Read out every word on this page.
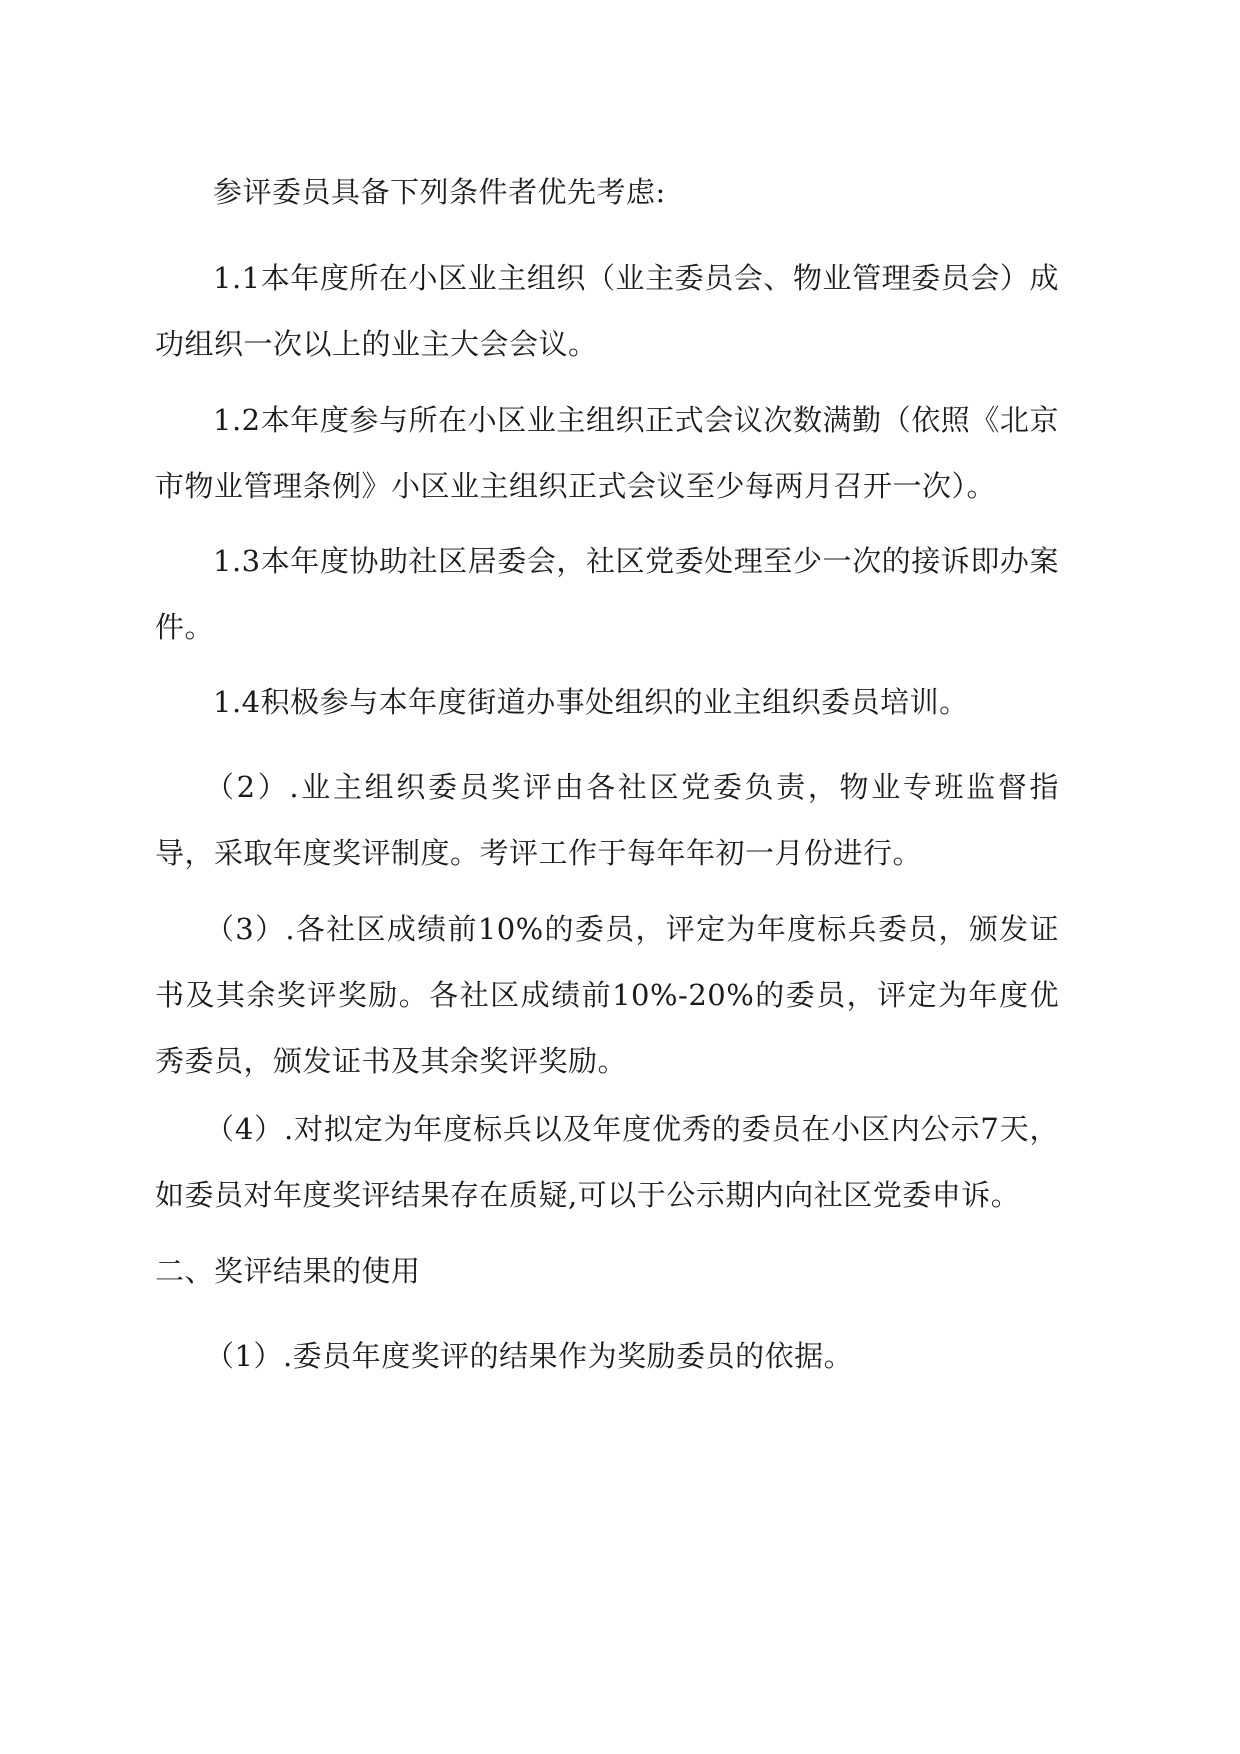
参评委员具备下列条件者优先考虑:

1.1本年度所在小区业主组织（业主委员会、物业管理委员会）成功组织一次以上的业主大会会议。

1.2本年度参与所在小区业主组织正式会议次数满勤（依照《北京市物业管理条例》小区业主组织正式会议至少每两月召开一次）。

1.3本年度协助社区居委会，社区党委处理至少一次的接诉即办案件。

1.4积极参与本年度街道办事处组织的业主组织委员培训。

（2）.业主组织委员奖评由各社区党委负责，物业专班监督指导，采取年度奖评制度。考评工作于每年年初一月份进行。

（3）.各社区成绩前10%的委员，评定为年度标兵委员，颁发证书及其余奖评奖励。各社区成绩前10%-20%的委员，评定为年度优秀委员，颁发证书及其余奖评奖励。

（4）.对拟定为年度标兵以及年度优秀的委员在小区内公示7天，如委员对年度奖评结果存在质疑,可以于公示期内向社区党委申诉。

二、奖评结果的使用

（1）.委员年度奖评的结果作为奖励委员的依据。
